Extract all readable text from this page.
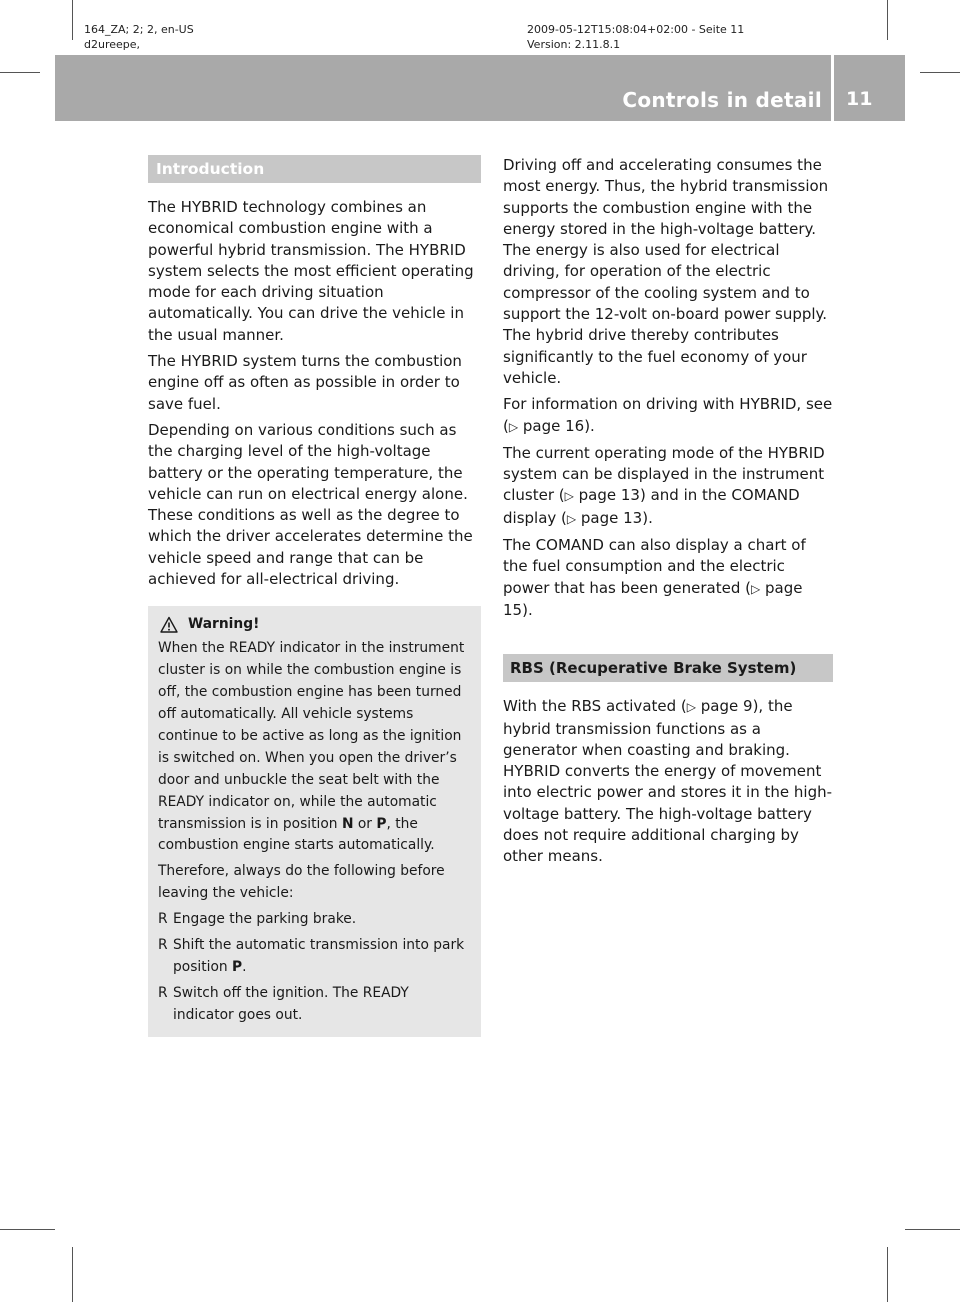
164_ZA; 2; 2, en-US
d2ureepe,
2009-05-12T15:08:04+02:00 - Seite 11
Version: 2.11.8.1
Controls in detail 11
Introduction

The HYBRID technology combines an economical combustion engine with a powerful hybrid transmission. The HYBRID system selects the most efficient operating mode for each driving situation automatically. You can drive the vehicle in the usual manner.

The HYBRID system turns the combustion engine off as often as possible in order to save fuel.

Depending on various conditions such as the charging level of the high-voltage battery or the operating temperature, the vehicle can run on electrical energy alone. These conditions as well as the degree to which the driver accelerates determine the vehicle speed and range that can be achieved for all-electrical driving.

Warning!

When the READY indicator in the instrument cluster is on while the combustion engine is off, the combustion engine has been turned off automatically. All vehicle systems continue to be active as long as the ignition is switched on. When you open the driver’s door and unbuckle the seat belt with the READY indicator on, while the automatic transmission is in position N or P, the combustion engine starts automatically.

Therefore, always do the following before leaving the vehicle:

R Engage the parking brake.
R Shift the automatic transmission into park position P.
R Switch off the ignition. The READY indicator goes out.

Driving off and accelerating consumes the most energy. Thus, the hybrid transmission supports the combustion engine with the energy stored in the high-voltage battery. The energy is also used for electrical driving, for operation of the electric compressor of the cooling system and to support the 12-volt on-board power supply. The hybrid drive thereby contributes significantly to the fuel economy of your vehicle.

For information on driving with HYBRID, see (▷ page 16).

The current operating mode of the HYBRID system can be displayed in the instrument cluster (▷ page 13) and in the COMAND display (▷ page 13).

The COMAND can also display a chart of the fuel consumption and the electric power that has been generated (▷ page 15).

RBS (Recuperative Brake System)

With the RBS activated (▷ page 9), the hybrid transmission functions as a generator when coasting and braking. HYBRID converts the energy of movement into electric power and stores it in the high-voltage battery. The high-voltage battery does not require additional charging by other means.
